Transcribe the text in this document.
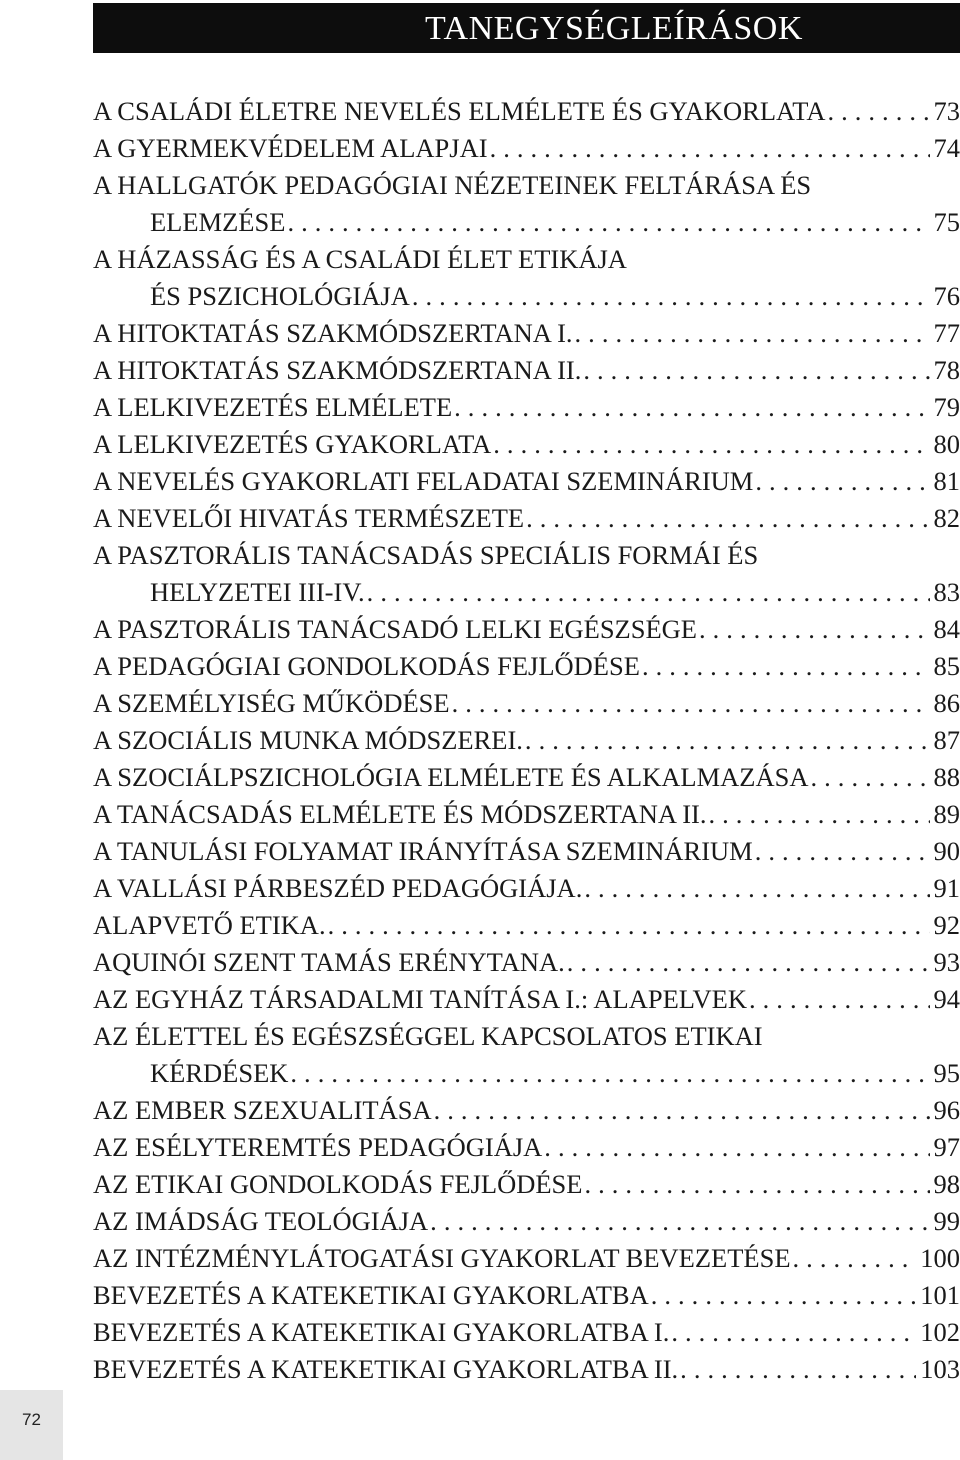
TANEGYSÉGLEÍRÁSOK
A CSALÁDI ÉLETRE NEVELÉS ELMÉLETE ÉS GYAKORLATA . . .	73
A GYERMEKVÉDELEM ALAPJAI . . .	74
A HALLGATÓK PEDAGÓGIAI NÉZETEINEK FELTÁRÁSA ÉS
ELEMZÉSE . . .	75
A HÁZASSÁG ÉS A CSALÁDI ÉLET ETIKÁJA
ÉS PSZICHOLÓGIÁJA . . .	76
A HITOKTATÁS SZAKMÓDSZERTANA I. . . .	77
A HITOKTATÁS SZAKMÓDSZERTANA II. . . .	78
A LELKIVEZETÉS ELMÉLETE . . .	79
A LELKIVEZETÉS GYAKORLATA . . .	80
A NEVELÉS GYAKORLATI FELADATAI SZEMINÁRIUM . . .	81
A NEVELŐI HIVATÁS TERMÉSZETE . . .	82
A PASZTORÁLIS TANÁCSADÁS SPECIÁLIS FORMÁI ÉS
HELYZETEI III-IV. . . .	83
A PASZTORÁLIS TANÁCSADÓ LELKI EGÉSZSÉGE . . .	84
A PEDAGÓGIAI GONDOLKODÁS FEJLŐDÉSE . . .	85
A SZEMÉLYISÉG MŰKÖDÉSE . . .	86
A SZOCIÁLIS MUNKA MÓDSZEREI. . . .	87
A SZOCIÁLPSZICHOLÓGIA ELMÉLETE ÉS ALKALMAZÁSA . . .	88
A TANÁCSADÁS ELMÉLETE ÉS MÓDSZERTANA II. . . .	89
A TANULÁSI FOLYAMAT IRÁNYÍTÁSA SZEMINÁRIUM . . .	90
A VALLÁSI PÁRBESZÉD PEDAGÓGIÁJA. . . .	91
ALAPVETŐ ETIKA. . . .	92
AQUINÓI SZENT TAMÁS ERÉNYTANA. . . .	93
AZ EGYHÁZ TÁRSADALMI TANÍTÁSA I.: ALAPELVEK . . .	94
AZ ÉLETTEL ÉS EGÉSZSÉGGEL KAPCSOLATOS ETIKAI
KÉRDÉSEK . . .	95
AZ EMBER SZEXUALITÁSA . . .	96
AZ ESÉLYTEREMTÉS PEDAGÓGIÁJA . . .	97
AZ ETIKAI GONDOLKODÁS FEJLŐDÉSE . . .	98
AZ IMÁDSÁG TEOLÓGIÁJA . . .	99
AZ INTÉZMÉNYLÁTOGATÁSI GYAKORLAT BEVEZETÉSE . . .	100
BEVEZETÉS A KATEKETIKAI GYAKORLATBA . . .	101
BEVEZETÉS A KATEKETIKAI GYAKORLATBA I. . . .	102
BEVEZETÉS A KATEKETIKAI GYAKORLATBA II. . . .	103
72
